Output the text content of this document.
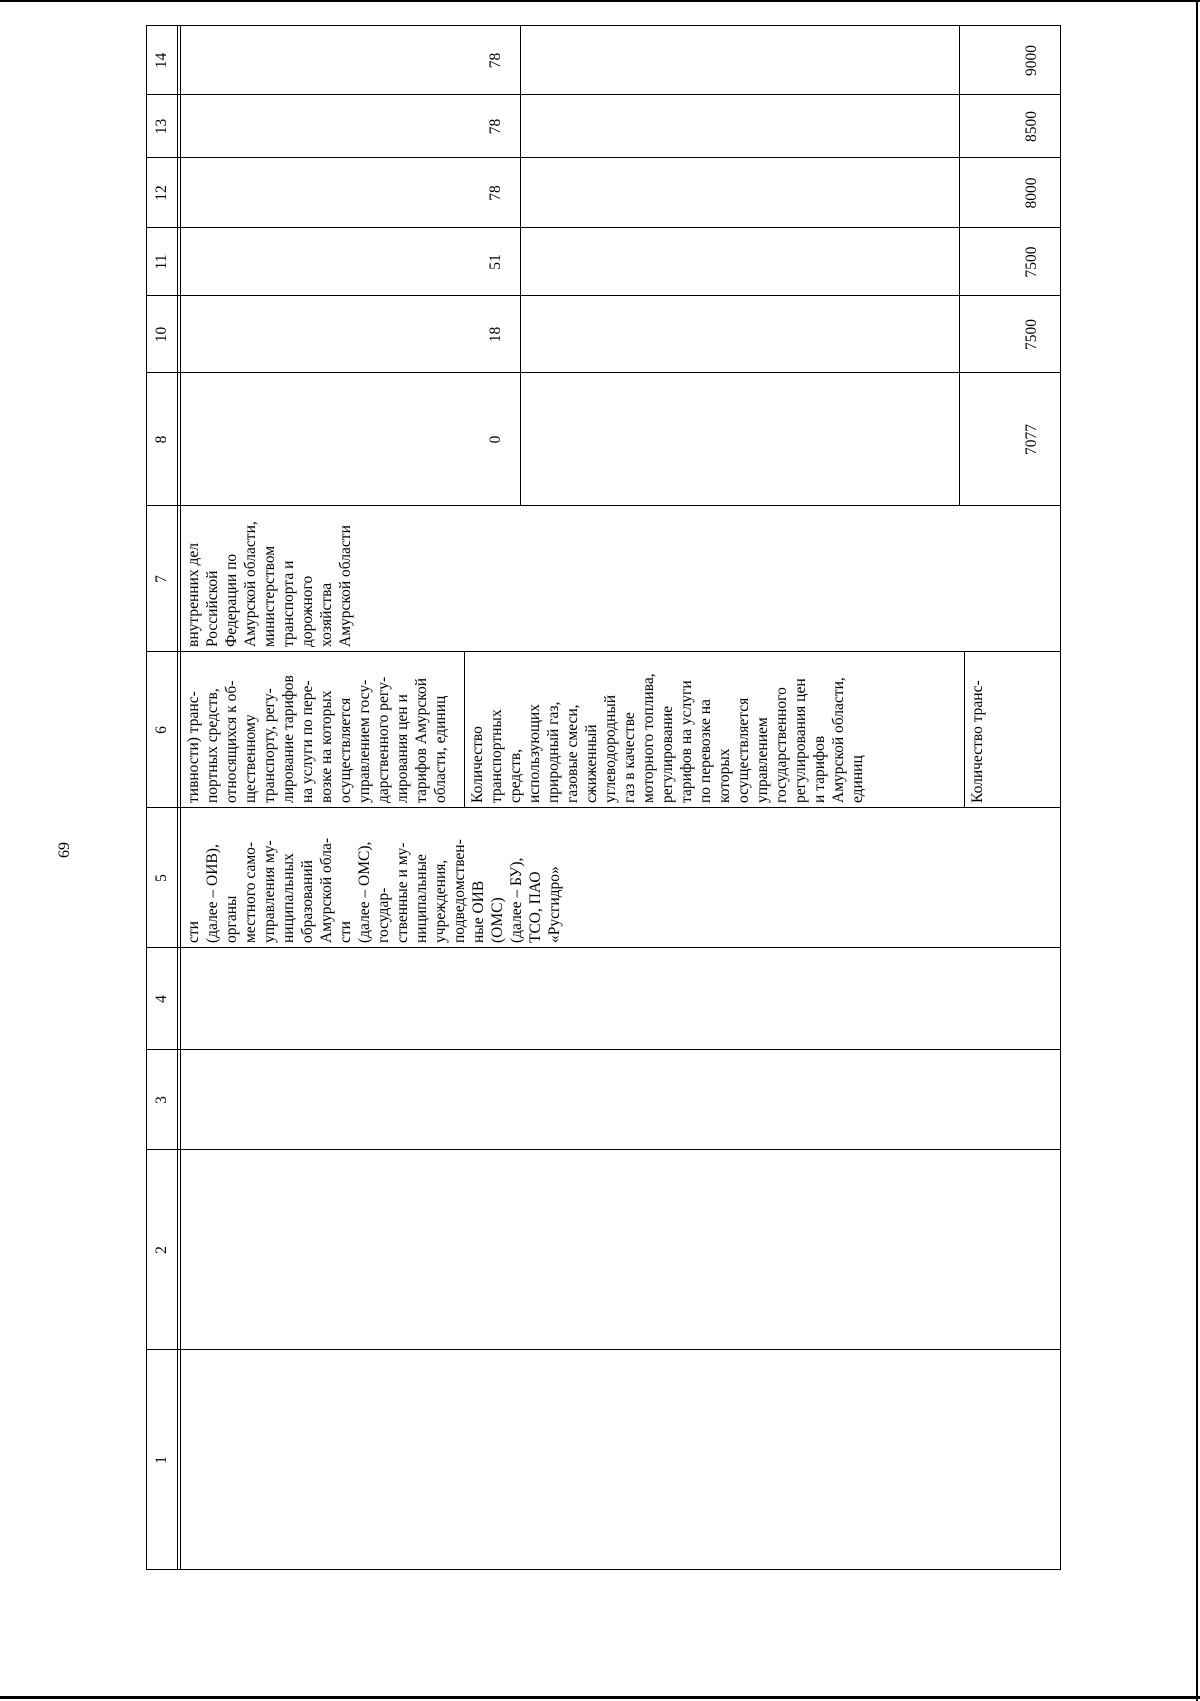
69
1
2
3
4
5
6
7
8
10
11
12
13
14
сти
(далее – ОИВ),
органы
местного само-
управления му-
ниципальных
образований
Амурской обла-
сти
(далее – ОМС),
государ-
ственные и му-
ниципальные
учреждения,
подведомствен-
ные ОИВ
(ОМС)
(далее – БУ),
ТСО, ПАО
«Русгидро»
тивности) транс-
портных средств,
относящихся к об-
щественному
транспорту, регу-
лирование тарифов
на услуги по пере-
возке на которых
осуществляется
управлением госу-
дарственного регу-
лирования цен и
тарифов Амурской
области, единиц
Количество
транспортных
средств,
использующих
природный газ,
газовые смеси,
сжиженный
углеводородный
газ в качестве
моторного топлива,
регулирование
тарифов на услуги
по перевозке на
которых
осуществляется
управлением
государственного
регулирования цен
и тарифов
Амурской области,
единиц	Количество транс-
внутренних дел
Российской
Федерации по
Амурской области,
министерством
транспорта и
дорожного
хозяйства
Амурской области
0
18
51
78
78
78
7077
7500
7500
8000
8500
9000
